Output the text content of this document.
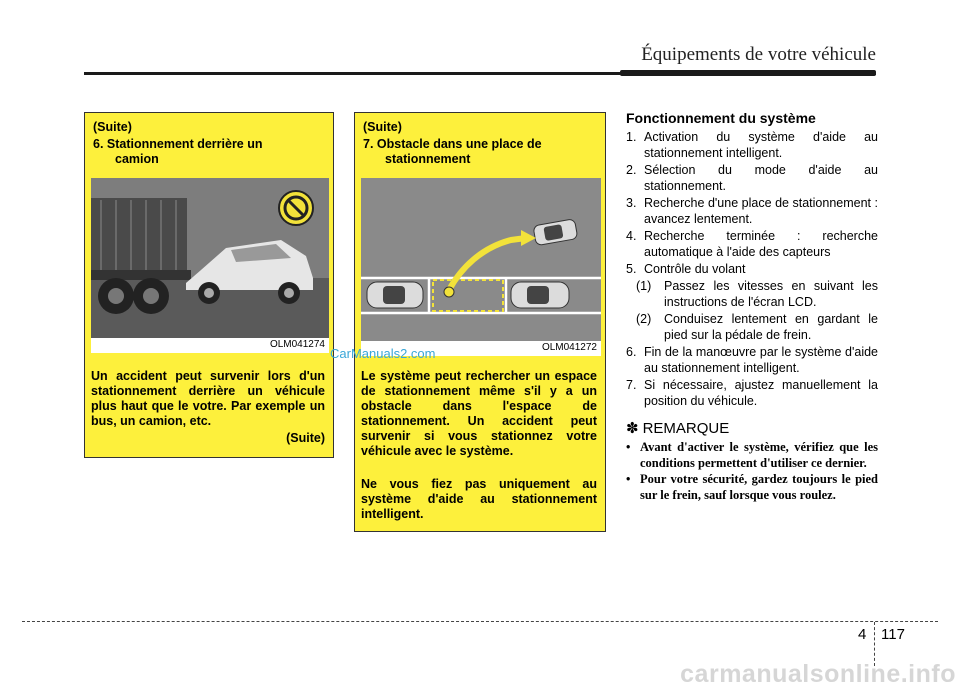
Équipements de votre véhicule
(Suite)
6. Stationnement derrière un
camion
OLM041274
Un accident peut survenir lors d'un stationnement derrière un véhicule plus haut que le votre. Par exemple un bus, un camion, etc.
(Suite)
(Suite)
7. Obstacle dans une place de
stationnement
OLM041272
Le système peut rechercher un espace de stationnement même s'il y a un obstacle dans l'espace de stationnement. Un accident peut survenir si vous stationnez votre véhicule avec le système.
Ne vous fiez pas uniquement au système d'aide au stationnement intelligent.
CarManuals2.com
Fonctionnement du système
1. Activation du système d'aide au stationnement intelligent.
2. Sélection du mode d'aide au stationnement.
3. Recherche d'une place de stationnement : avancez lentement.
4. Recherche terminée : recherche automatique à l'aide des capteurs
5. Contrôle du volant
(1) Passez les vitesses en suivant les instructions de l'écran LCD.
(2) Conduisez lentement en gardant le pied sur la pédale de frein.
6. Fin de la manœuvre par le système d'aide au stationnement intelligent.
7. Si nécessaire, ajustez manuellement la position du véhicule.
✽ REMARQUE
• Avant d'activer le système, vérifiez que les conditions permettent d'utiliser ce dernier.
• Pour votre sécurité, gardez toujours le pied sur le frein, sauf lorsque vous roulez.
4 117
carmanualsonline.info
